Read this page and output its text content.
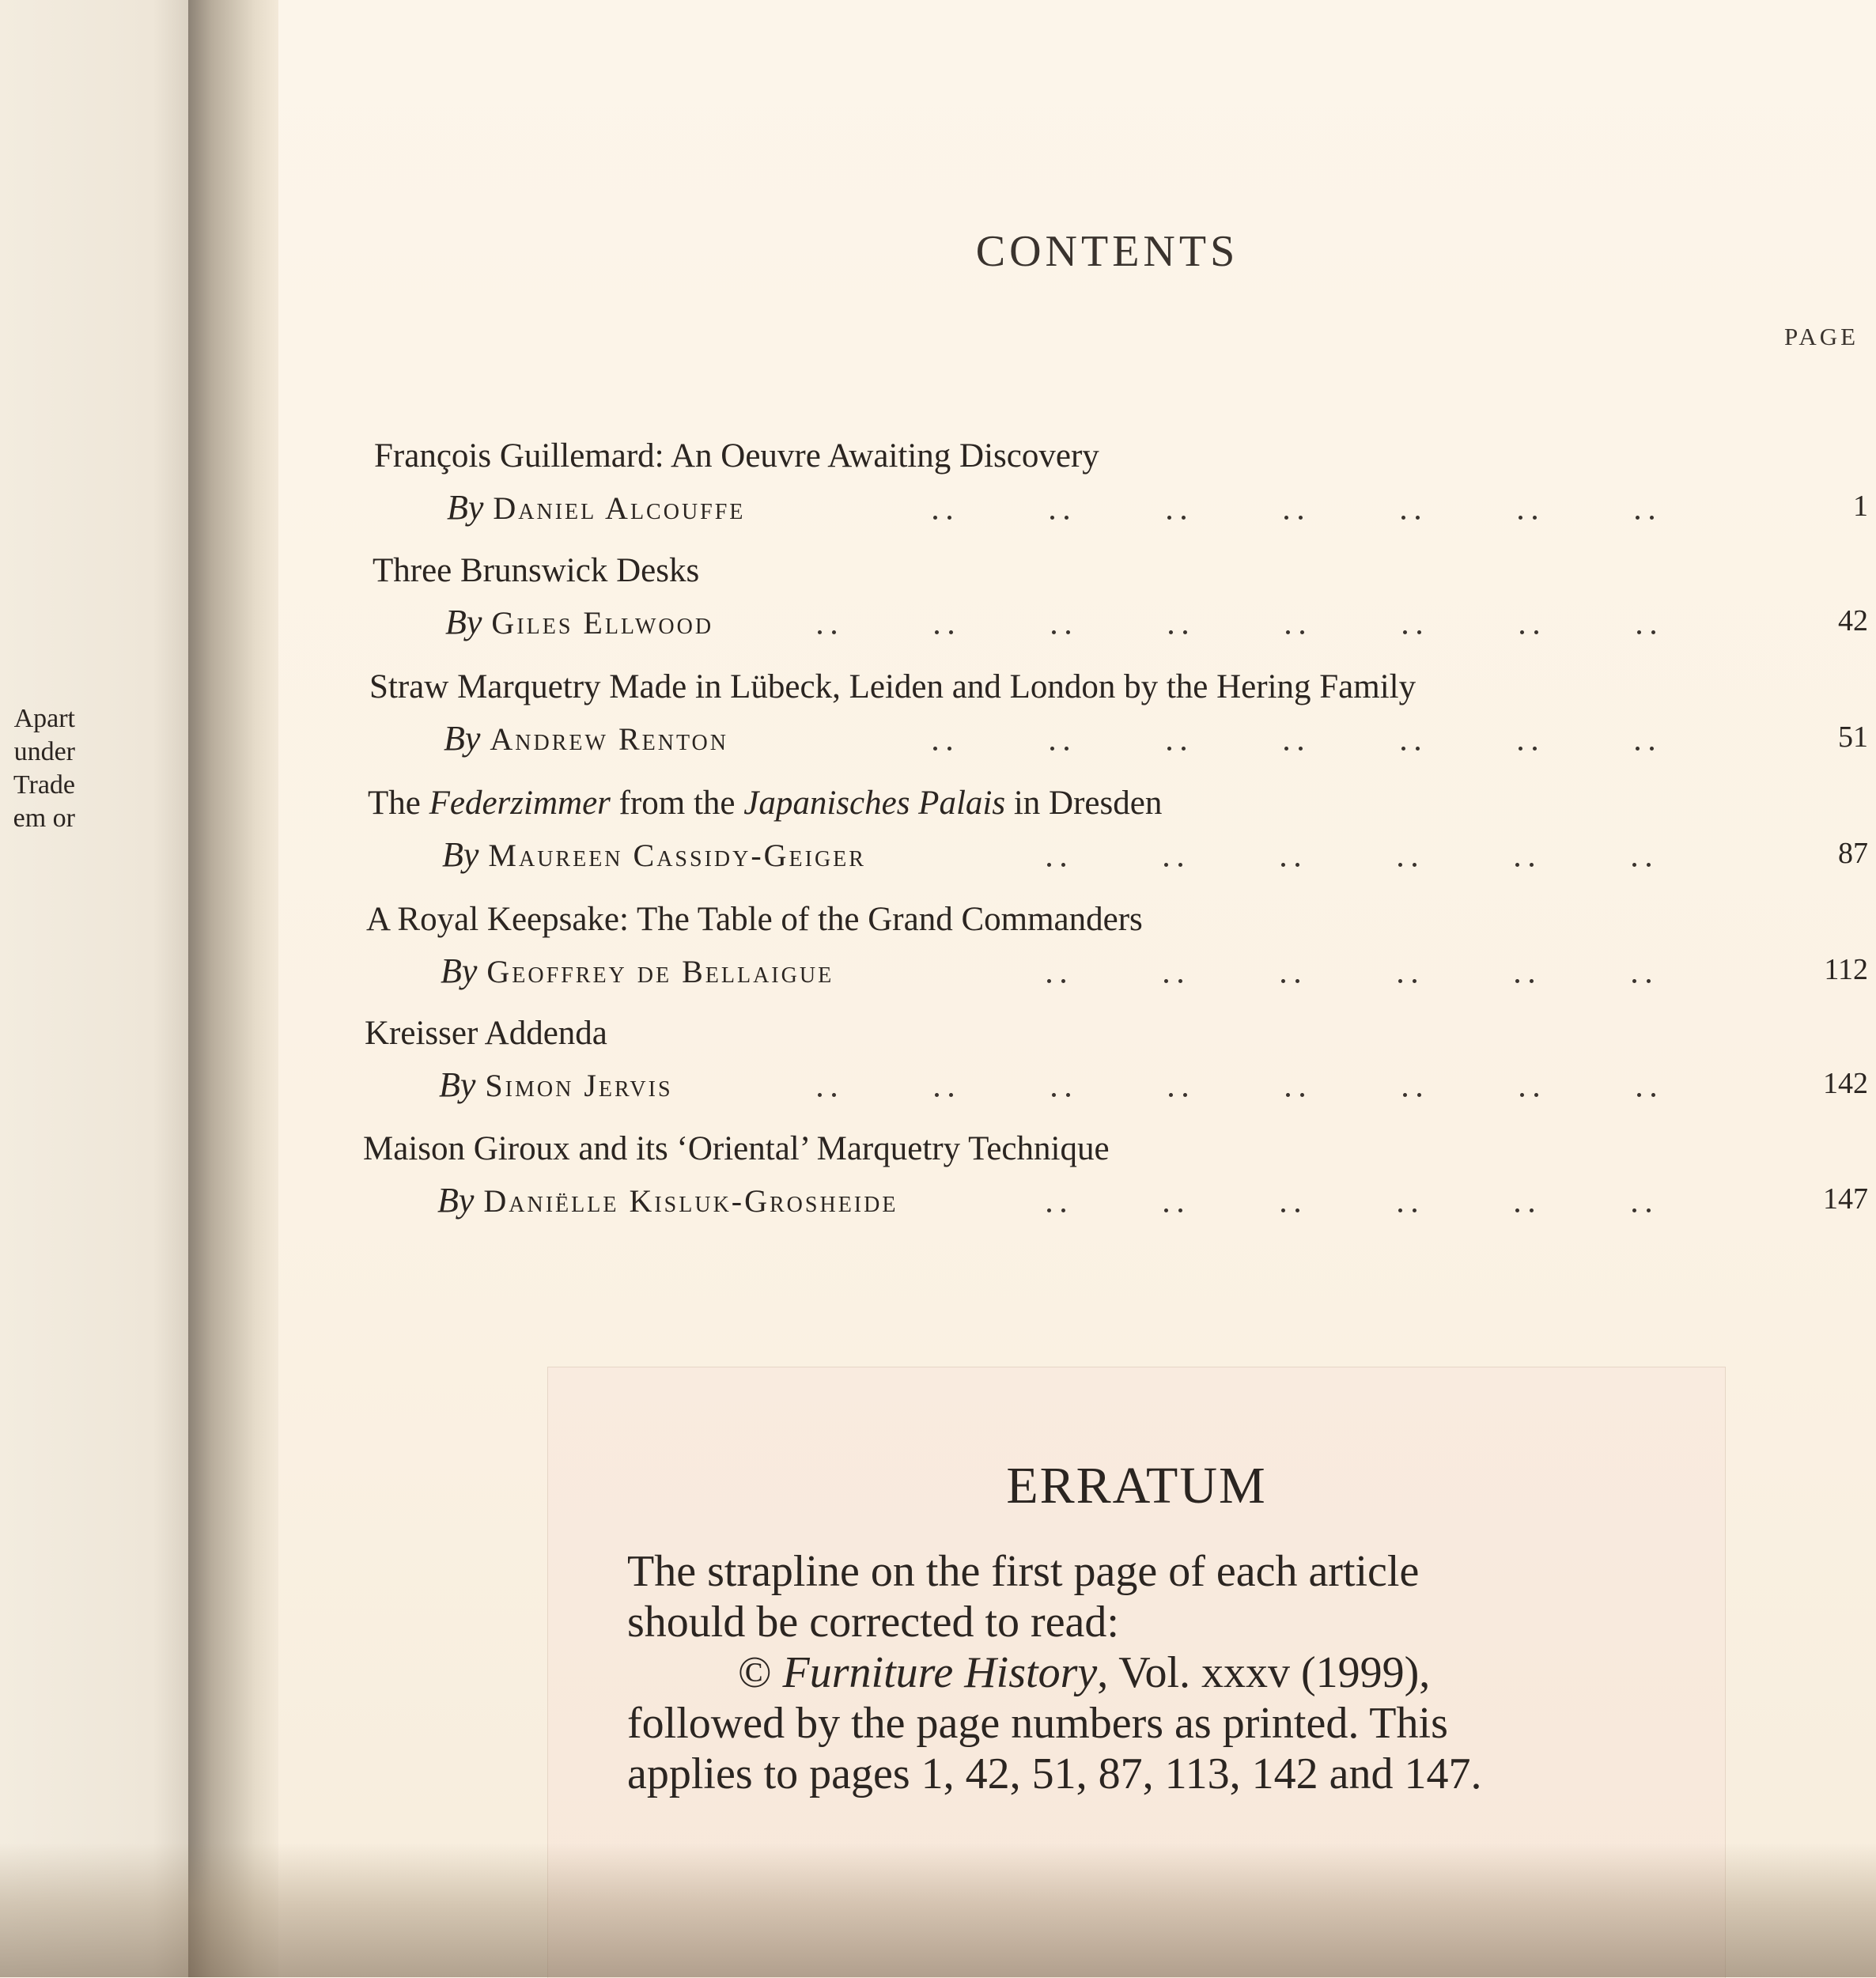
Apart
under
Trade
em or
CONTENTS
PAGE
François Guillemard: An Oeuvre Awaiting Discovery
By Daniel Alcouffe	1
Three Brunswick Desks
By Giles Ellwood	42
Straw Marquetry Made in Lübeck, Leiden and London by the Hering Family
By Andrew Renton	51
The Federzimmer from the Japanisches Palais in Dresden
By Maureen Cassidy-Geiger	87
A Royal Keepsake: The Table of the Grand Commanders
By Geoffrey de Bellaigue	112
Kreisser Addenda
By Simon Jervis	142
Maison Giroux and its ‘Oriental’ Marquetry Technique
By Daniëlle Kisluk-Grosheide	147
ERRATUM
The strapline on the first page of each article
should be corrected to read:
© Furniture History, Vol. xxxv (1999),
followed by the page numbers as printed. This
applies to pages 1, 42, 51, 87, 113, 142 and 147.
